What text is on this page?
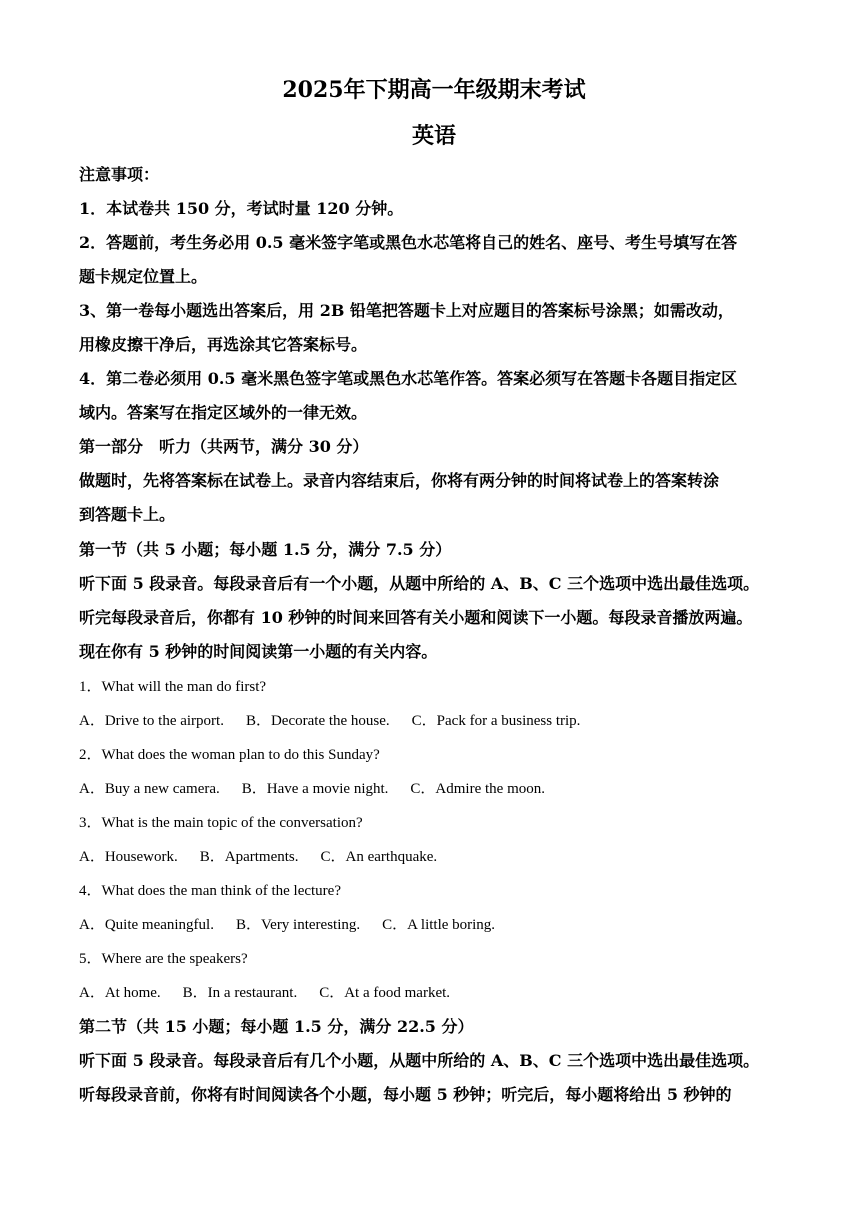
2025年下期高一年级期末考试
英语
注意事项：
1．本试卷共 150 分，考试时量 120 分钟。
2．答题前，考生务必用 0.5 毫米签字笔或黑色水芯笔将自己的姓名、座号、考生号填写在答
题卡规定位置上。
3、第一卷每小题选出答案后，用 2B 铅笔把答题卡上对应题目的答案标号涂黑；如需改动，
用橡皮擦干净后，再选涂其它答案标号。
4．第二卷必须用 0.5 毫米黑色签字笔或黑色水芯笔作答。答案必须写在答题卡各题目指定区
域内。答案写在指定区域外的一律无效。
第一部分　听力（共两节，满分 30 分）
做题时，先将答案标在试卷上。录音内容结束后，你将有两分钟的时间将试卷上的答案转涂
到答题卡上。
第一节（共 5 小题；每小题 1.5 分，满分 7.5 分）
听下面 5 段录音。每段录音后有一个小题，从题中所给的 A、B、C 三个选项中选出最佳选项。
听完每段录音后，你都有 10 秒钟的时间来回答有关小题和阅读下一小题。每段录音播放两遍。
现在你有 5 秒钟的时间阅读第一小题的有关内容。
1．What will the man do first?
A．Drive to the airport. B．Decorate the house. C．Pack for a business trip.
2．What does the woman plan to do this Sunday?
A．Buy a new camera. B．Have a movie night. C．Admire the moon.
3．What is the main topic of the conversation?
A．Housework. B．Apartments. C．An earthquake.
4．What does the man think of the lecture?
A．Quite meaningful. B．Very interesting. C．A little boring.
5．Where are the speakers?
A．At home. B．In a restaurant. C．At a food market.
第二节（共 15 小题；每小题 1.5 分，满分 22.5 分）
听下面 5 段录音。每段录音后有几个小题，从题中所给的 A、B、C 三个选项中选出最佳选项。
听每段录音前，你将有时间阅读各个小题，每小题 5 秒钟；听完后，每小题将给出 5 秒钟的
